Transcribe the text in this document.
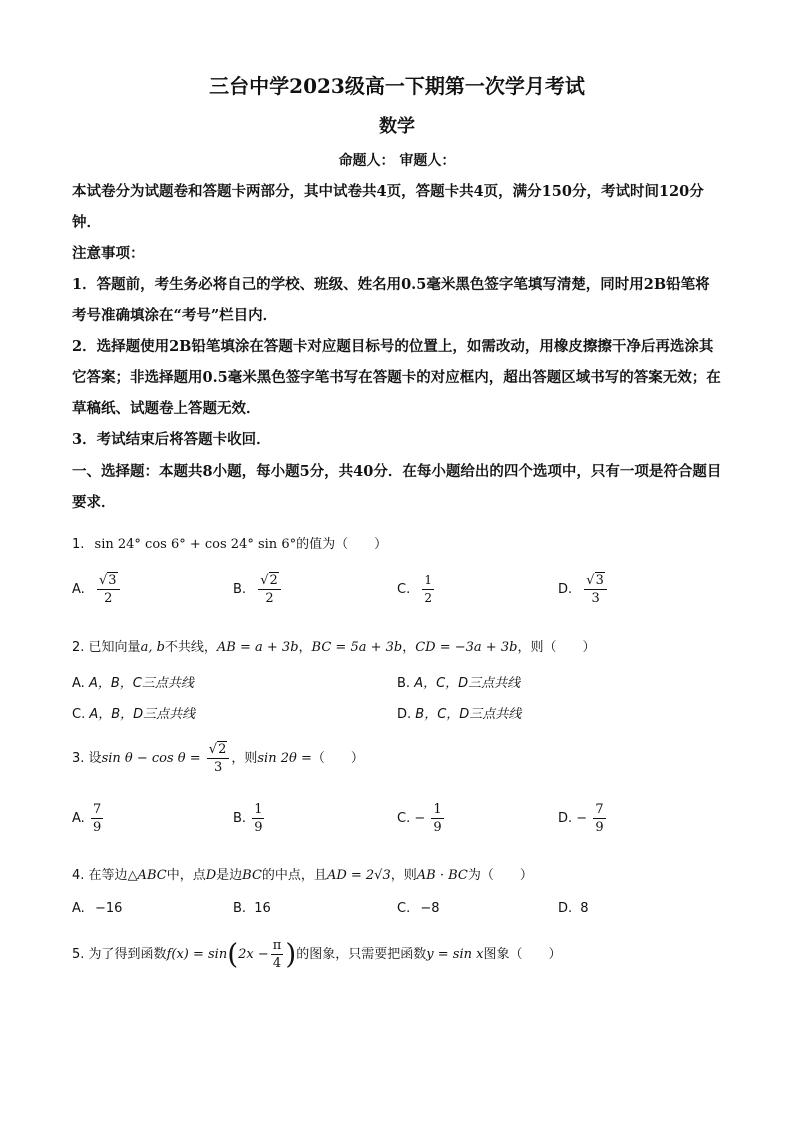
三台中学2023级高一下期第一次学月考试
数学
命题人： 审题人：
本试卷分为试题卷和答题卡两部分，其中试卷共4页，答题卡共4页，满分150分，考试时间120分钟．
注意事项：
1．答题前，考生务必将自己的学校、班级、姓名用0.5毫米黑色签字笔填写清楚，同时用2B铅笔将考号准确填涂在“考号”栏目内．
2．选择题使用2B铅笔填涂在答题卡对应题目标号的位置上，如需改动，用橡皮擦擦干净后再选涂其它答案；非选择题用0.5毫米黑色签字笔书写在答题卡的对应框内，超出答题区域书写的答案无效；在草稿纸、试题卷上答题无效．
3．考试结束后将答题卡收回．
一、选择题：本题共8小题，每小题5分，共40分．在每小题给出的四个选项中，只有一项是符合题目要求．
1. sin 24° cos 6° + cos 24° sin 6°的值为（　　）
A. $\frac{√3}{2}$	B. $\frac{√2}{2}$	C. $\frac{1}{2}$	D. $\frac{√3}{3}$
2. 已知向量a, b不共线，AB = a + 3b，BC = 5a + 3b，CD = −3a + 3b，则（　　）
A. A，B，C三点共线	B. A，C，D三点共线
C. A，B，D三点共线	D. B，C，D三点共线
3. 设$\sin \theta - \cos \theta = \frac{√2}{3}$ ，则sin 2θ =（　　）
A. $\frac{7}{9}$	B. $\frac{1}{9}$	C. − $\frac{1}{9}$	D. − $\frac{7}{9}$
4. 在等边△ABC中，点D是边BC的中点，且AD = 2√3，则AB · BC为（　　）
A. −16	B. 16	C. −8	D. 8
5. 为了得到函数$f(x) = \sin(2x - \frac{\pi}{4}$ )的图象，只需要把函数y = sin x图象（　　）
